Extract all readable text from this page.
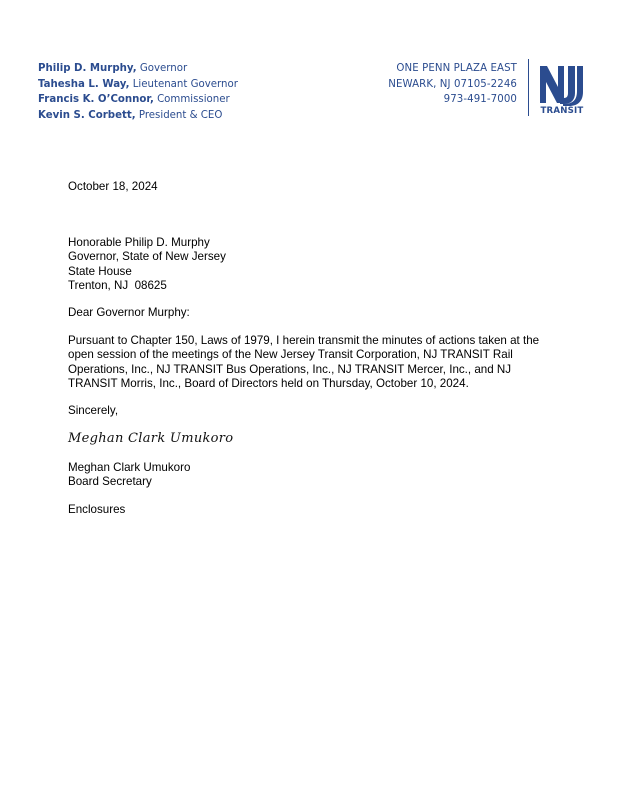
Philip D. Murphy, Governor
Tahesha L. Way, Lieutenant Governor
Francis K. O’Connor, Commissioner
Kevin S. Corbett, President & CEO
ONE PENN PLAZA EAST
NEWARK, NJ 07105-2246
973-491-7000
TRANSIT
October 18, 2024
Honorable Philip D. Murphy
Governor, State of New Jersey
State House
Trenton, NJ  08625
Dear Governor Murphy:
Pursuant to Chapter 150, Laws of 1979, I herein transmit the minutes of actions taken at the open session of the meetings of the New Jersey Transit Corporation, NJ TRANSIT Rail Operations, Inc., NJ TRANSIT Bus Operations, Inc., NJ TRANSIT Mercer, Inc., and NJ TRANSIT Morris, Inc., Board of Directors held on Thursday, October 10, 2024.
Sincerely,
Meghan Clark Umukoro
Meghan Clark Umukoro
Board Secretary
Enclosures
